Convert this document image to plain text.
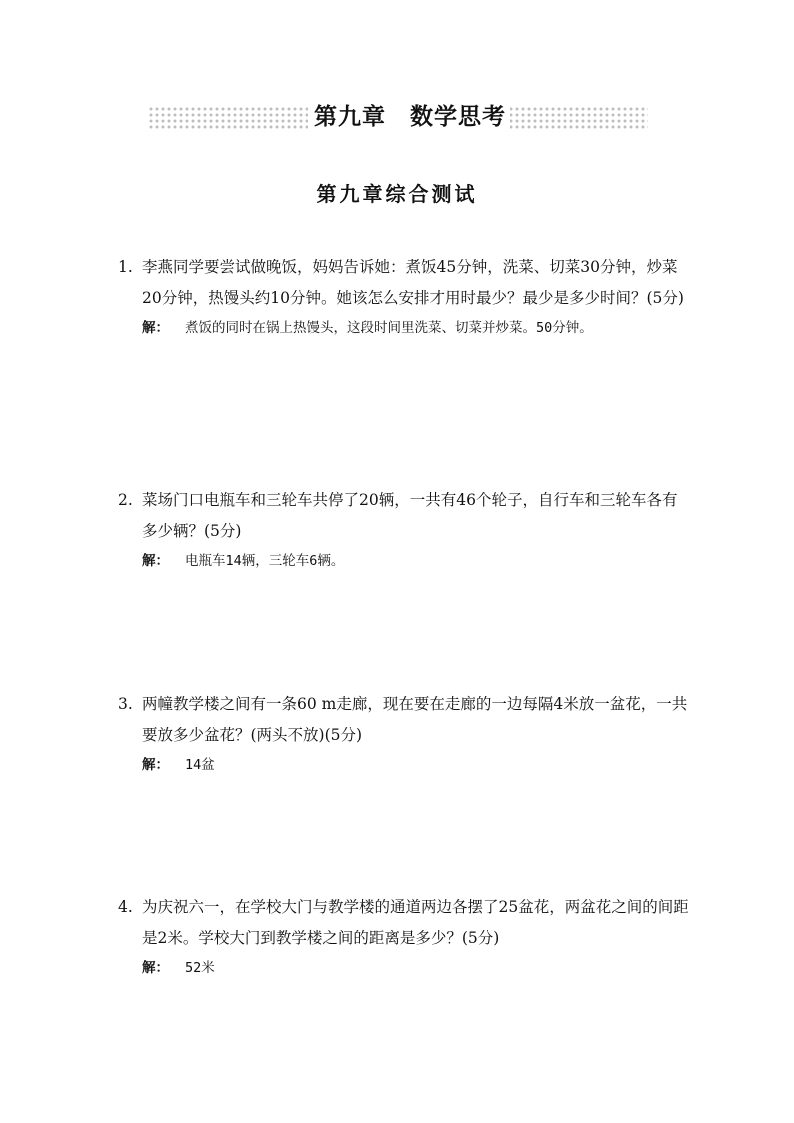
第九章　数学思考
第九章综合测试

1. 李燕同学要尝试做晚饭，妈妈告诉她：煮饭45分钟，洗菜、切菜30分钟，炒菜20分钟，热馒头约10分钟。她该怎么安排才用时最少？最少是多少时间？(5分)

解： 煮饭的同时在锅上热馒头，这段时间里洗菜、切菜并炒菜。50分钟。

2. 菜场门口电瓶车和三轮车共停了20辆，一共有46个轮子，自行车和三轮车各有多少辆？(5分)

解： 电瓶车14辆，三轮车6辆。

3. 两幢教学楼之间有一条60 m走廊，现在要在走廊的一边每隔4米放一盆花，一共要放多少盆花？(两头不放)(5分)

解： 14盆

4. 为庆祝六一，在学校大门与教学楼的通道两边各摆了25盆花，两盆花之间的间距是2米。学校大门到教学楼之间的距离是多少？(5分)

解： 52米
